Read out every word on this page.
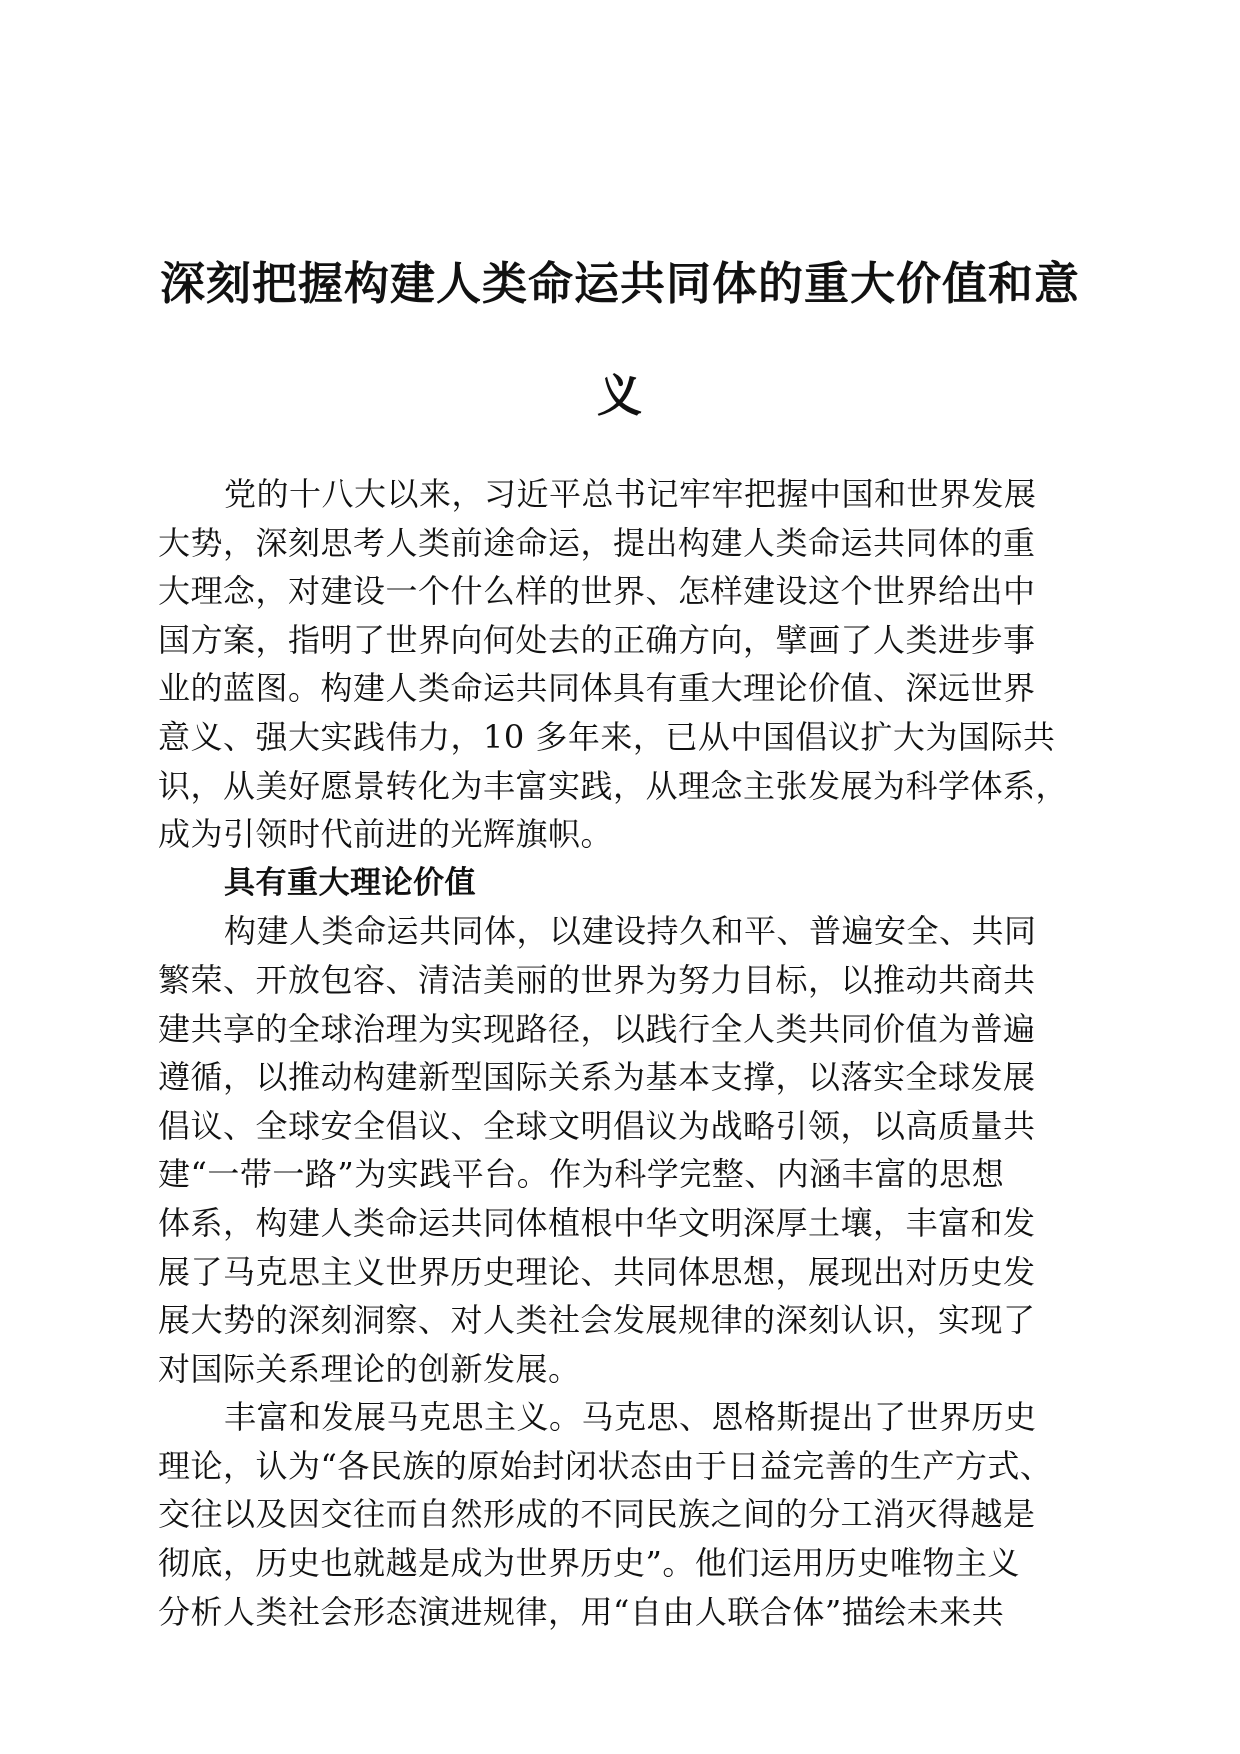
深刻把握构建人类命运共同体的重大价值和意
义
党的十八大以来，习近平总书记牢牢把握中国和世界发展
大势，深刻思考人类前途命运，提出构建人类命运共同体的重
大理念，对建设一个什么样的世界、怎样建设这个世界给出中
国方案，指明了世界向何处去的正确方向，擘画了人类进步事
业的蓝图。构建人类命运共同体具有重大理论价值、深远世界
意义、强大实践伟力，10 多年来，已从中国倡议扩大为国际共
识，从美好愿景转化为丰富实践，从理念主张发展为科学体系，
成为引领时代前进的光辉旗帜。
具有重大理论价值
构建人类命运共同体，以建设持久和平、普遍安全、共同
繁荣、开放包容、清洁美丽的世界为努力目标，以推动共商共
建共享的全球治理为实现路径，以践行全人类共同价值为普遍
遵循，以推动构建新型国际关系为基本支撑，以落实全球发展
倡议、全球安全倡议、全球文明倡议为战略引领，以高质量共
建“一带一路”为实践平台。作为科学完整、内涵丰富的思想
体系，构建人类命运共同体植根中华文明深厚土壤，丰富和发
展了马克思主义世界历史理论、共同体思想，展现出对历史发
展大势的深刻洞察、对人类社会发展规律的深刻认识，实现了
对国际关系理论的创新发展。
丰富和发展马克思主义。马克思、恩格斯提出了世界历史
理论，认为“各民族的原始封闭状态由于日益完善的生产方式、
交往以及因交往而自然形成的不同民族之间的分工消灭得越是
彻底，历史也就越是成为世界历史”。他们运用历史唯物主义
分析人类社会形态演进规律，用“自由人联合体”描绘未来共
